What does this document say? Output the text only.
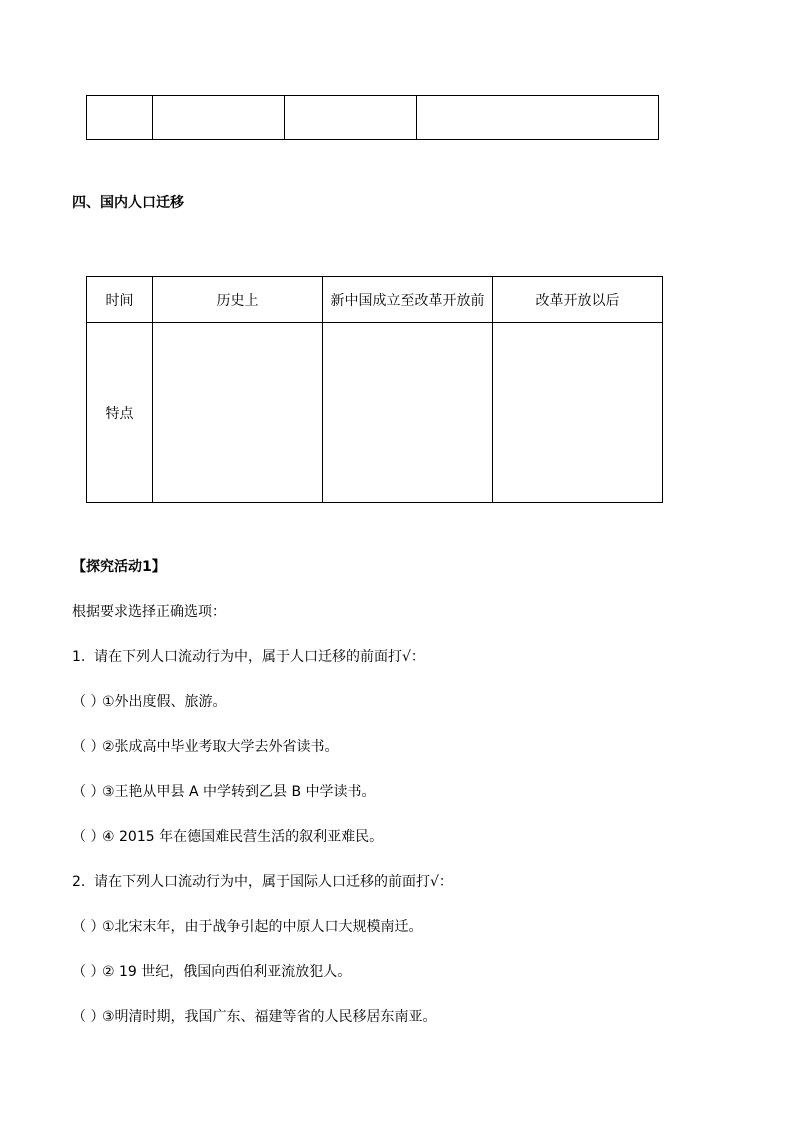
四、国内人口迁移
时间	历史上	新中国成立至改革开放前	改革开放以后
特点			
【探究活动1】
根据要求选择正确选项：
1. 请在下列人口流动行为中，属于人口迁移的前面打√：
（ ）①外出度假、旅游。
（ ）②张成高中毕业考取大学去外省读书。
（ ）③王艳从甲县 A 中学转到乙县 B 中学读书。
（ ）④ 2015 年在德国难民营生活的叙利亚难民。
2. 请在下列人口流动行为中，属于国际人口迁移的前面打√：
（ ）①北宋末年，由于战争引起的中原人口大规模南迁。
（ ）② 19 世纪，俄国向西伯利亚流放犯人。
（ ）③明清时期，我国广东、福建等省的人民移居东南亚。
